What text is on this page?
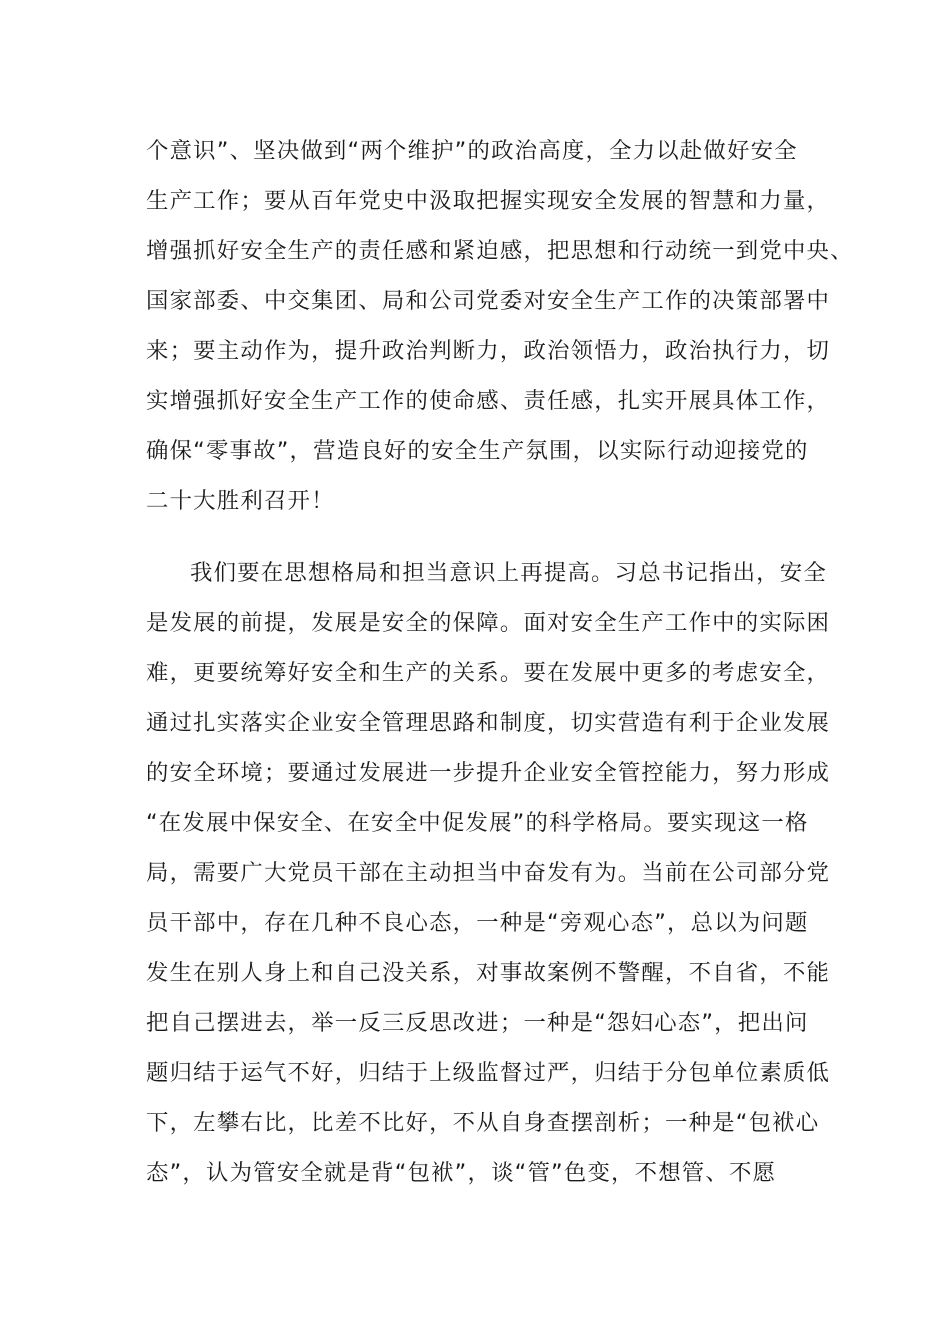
个意识”、坚决做到“两个维护”的政治高度，全力以赴做好安全
生产工作；要从百年党史中汲取把握实现安全发展的智慧和力量，
增强抓好安全生产的责任感和紧迫感，把思想和行动统一到党中央、
国家部委、中交集团、局和公司党委对安全生产工作的决策部署中
来；要主动作为，提升政治判断力，政治领悟力，政治执行力，切
实增强抓好安全生产工作的使命感、责任感，扎实开展具体工作，
确保“零事故”，营造良好的安全生产氛围，以实际行动迎接党的
二十大胜利召开！
我们要在思想格局和担当意识上再提高。习总书记指出，安全
是发展的前提，发展是安全的保障。面对安全生产工作中的实际困
难，更要统筹好安全和生产的关系。要在发展中更多的考虑安全，
通过扎实落实企业安全管理思路和制度，切实营造有利于企业发展
的安全环境；要通过发展进一步提升企业安全管控能力，努力形成
“在发展中保安全、在安全中促发展”的科学格局。要实现这一格
局，需要广大党员干部在主动担当中奋发有为。当前在公司部分党
员干部中，存在几种不良心态，一种是“旁观心态”，总以为问题
发生在别人身上和自己没关系，对事故案例不警醒，不自省，不能
把自己摆进去，举一反三反思改进；一种是“怨妇心态”，把出问
题归结于运气不好，归结于上级监督过严，归结于分包单位素质低
下，左攀右比，比差不比好，不从自身查摆剖析；一种是“包袱心
态”，认为管安全就是背“包袱”，谈“管”色变，不想管、不愿
